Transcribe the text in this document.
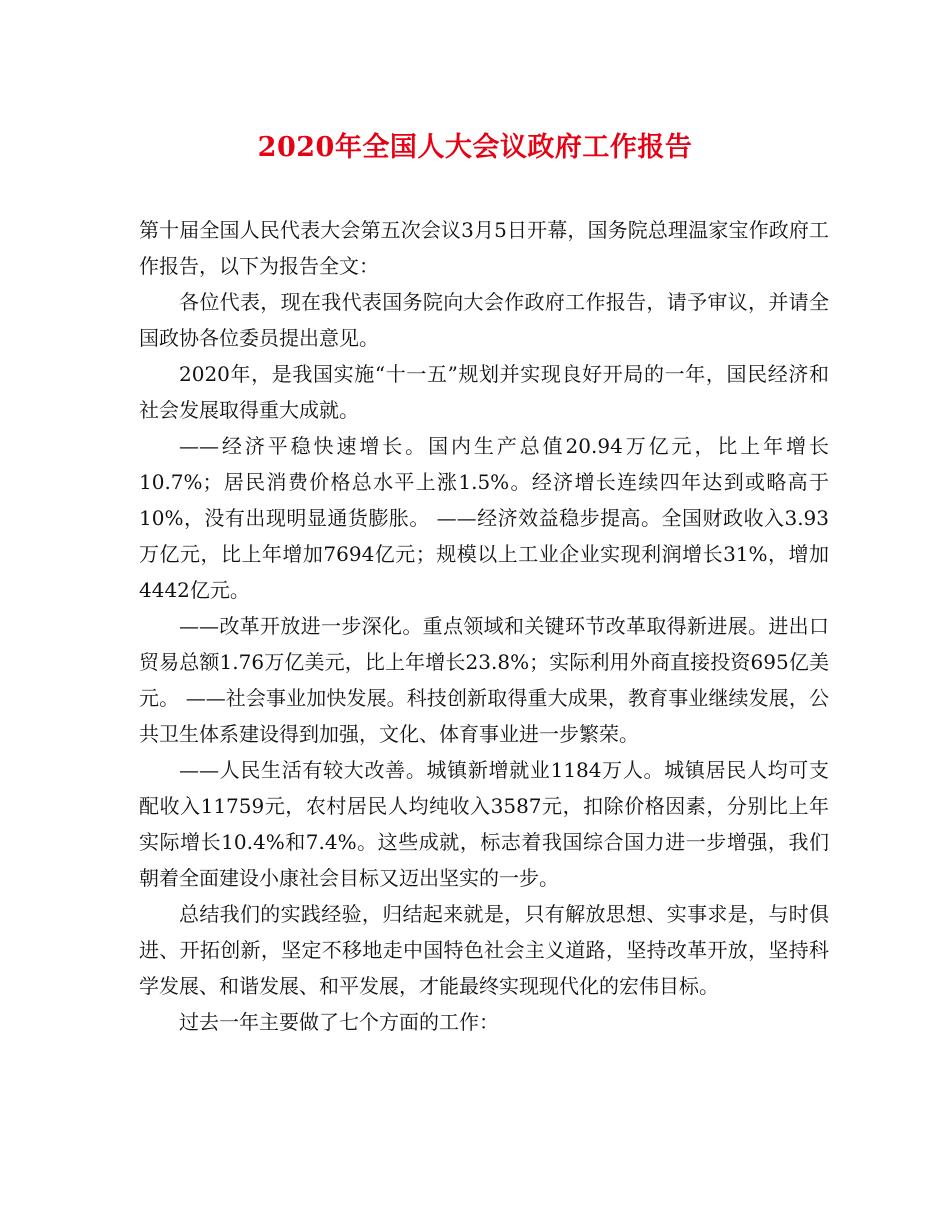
2020年全国人大会议政府工作报告

第十届全国人民代表大会第五次会议3月5日开幕，国务院总理温家宝作政府工作报告，以下为报告全文：

各位代表，现在我代表国务院向大会作政府工作报告，请予审议，并请全国政协各位委员提出意见。

2020年，是我国实施“十一五”规划并实现良好开局的一年，国民经济和社会发展取得重大成就。

——经济平稳快速增长。国内生产总值20.94万亿元，比上年增长10.7%；居民消费价格总水平上涨1.5%。经济增长连续四年达到或略高于10%，没有出现明显通货膨胀。 ——经济效益稳步提高。全国财政收入3.93万亿元，比上年增加7694亿元；规模以上工业企业实现利润增长31%，增加4442亿元。

——改革开放进一步深化。重点领域和关键环节改革取得新进展。进出口贸易总额1.76万亿美元，比上年增长23.8%；实际利用外商直接投资695亿美元。 ——社会事业加快发展。科技创新取得重大成果，教育事业继续发展，公共卫生体系建设得到加强，文化、体育事业进一步繁荣。

——人民生活有较大改善。城镇新增就业1184万人。城镇居民人均可支配收入11759元，农村居民人均纯收入3587元，扣除价格因素，分别比上年实际增长10.4%和7.4%。这些成就，标志着我国综合国力进一步增强，我们朝着全面建设小康社会目标又迈出坚实的一步。

总结我们的实践经验，归结起来就是，只有解放思想、实事求是，与时俱进、开拓创新，坚定不移地走中国特色社会主义道路，坚持改革开放，坚持科学发展、和谐发展、和平发展，才能最终实现现代化的宏伟目标。

过去一年主要做了七个方面的工作：
